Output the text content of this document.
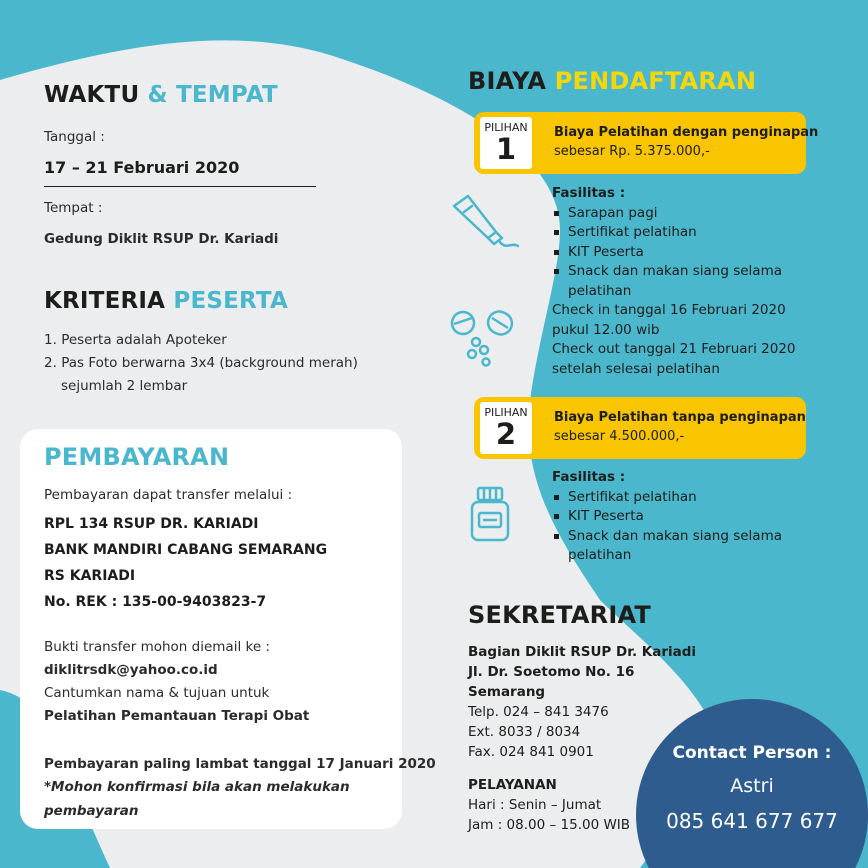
WAKTU & TEMPAT
Tanggal :
17 – 21 Februari 2020
Tempat :
Gedung Diklit RSUP Dr. Kariadi
KRITERIA PESERTA
1. Peserta adalah Apoteker
2. Pas Foto berwarna 3x4 (background merah)
sejumlah 2 lembar
PEMBAYARAN
Pembayaran dapat transfer melalui :
RPL 134 RSUP DR. KARIADI
BANK MANDIRI CABANG SEMARANG
RS KARIADI
No. REK : 135-00-9403823-7
Bukti transfer mohon diemail ke :
diklitrsdk@yahoo.co.id
Cantumkan nama & tujuan untuk
Pelatihan Pemantauan Terapi Obat
Pembayaran paling lambat tanggal 17 Januari 2020
*Mohon konfirmasi bila akan melakukan
pembayaran
BIAYA PENDAFTARAN
PILIHAN
1	Biaya Pelatihan dengan penginapan
sebesar Rp. 5.375.000,-
Fasilitas :
Sarapan pagi
Sertifikat pelatihan
KIT Peserta
Snack dan makan siang selama pelatihan
Check in tanggal 16 Februari 2020
pukul 12.00 wib
Check out tanggal 21 Februari 2020
setelah selesai pelatihan
PILIHAN
2	Biaya Pelatihan tanpa penginapan
sebesar 4.500.000,-
Fasilitas :
Sertifikat pelatihan
KIT Peserta
Snack dan makan siang selama pelatihan
SEKRETARIAT
Bagian Diklit RSUP Dr. Kariadi
Jl. Dr. Soetomo No. 16
Semarang
Telp. 024 – 841 3476
Ext. 8033 / 8034
Fax. 024 841 0901
PELAYANAN
Hari : Senin – Jumat
Jam : 08.00 – 15.00 WIB
Contact Person :
Astri
085 641 677 677
